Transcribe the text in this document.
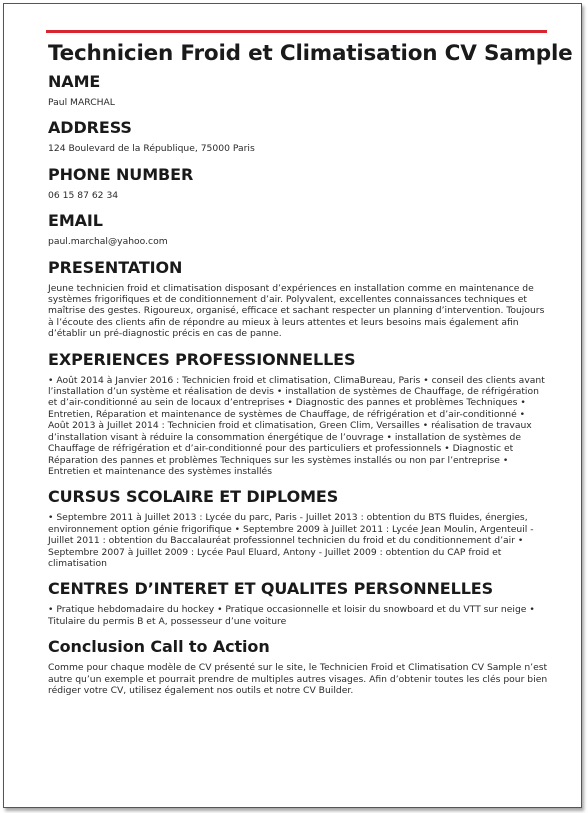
Technicien Froid et Climatisation CV Sample
NAME

Paul MARCHAL

ADDRESS

124 Boulevard de la République, 75000 Paris

PHONE NUMBER

06 15 87 62 34

EMAIL

paul.marchal@yahoo.com

PRESENTATION

Jeune technicien froid et climatisation disposant d’expériences en installation comme en maintenance de systèmes frigorifiques et de conditionnement d’air. Polyvalent, excellentes connaissances techniques et maîtrise des gestes. Rigoureux, organisé, efficace et sachant respecter un planning d’intervention. Toujours à l’écoute des clients afin de répondre au mieux à leurs attentes et leurs besoins mais également afin d’établir un pré-diagnostic précis en cas de panne.

EXPERIENCES PROFESSIONNELLES

• Août 2014 à Janvier 2016 : Technicien froid et climatisation, ClimaBureau, Paris • conseil des clients avant l’installation d’un système et réalisation de devis • installation de systèmes de Chauffage, de réfrigération et d’air-conditionné au sein de locaux d’entreprises • Diagnostic des pannes et problèmes Techniques • Entretien, Réparation et maintenance de systèmes de Chauffage, de réfrigération et d’air-conditionné • Août 2013 à Juillet 2014 : Technicien froid et climatisation, Green Clim, Versailles • réalisation de travaux d’installation visant à réduire la consommation énergétique de l’ouvrage • installation de systèmes de Chauffage de réfrigération et d’air-conditionné pour des particuliers et professionnels • Diagnostic et Réparation des pannes et problèmes Techniques sur les systèmes installés ou non par l’entreprise • Entretien et maintenance des systèmes installés

CURSUS SCOLAIRE ET DIPLOMES

• Septembre 2011 à Juillet 2013 : Lycée du parc, Paris - Juillet 2013 : obtention du BTS fluides, énergies, environnement option génie frigorifique • Septembre 2009 à Juillet 2011 : Lycée Jean Moulin, Argenteuil - Juillet 2011 : obtention du Baccalauréat professionnel technicien du froid et du conditionnement d’air • Septembre 2007 à Juillet 2009 : Lycée Paul Eluard, Antony - Juillet 2009 : obtention du CAP froid et climatisation

CENTRES D’INTERET ET QUALITES PERSONNELLES

• Pratique hebdomadaire du hockey • Pratique occasionnelle et loisir du snowboard et du VTT sur neige • Titulaire du permis B et A, possesseur d’une voiture

Conclusion Call to Action

Comme pour chaque modèle de CV présenté sur le site, le Technicien Froid et Climatisation CV Sample n’est autre qu’un exemple et pourrait prendre de multiples autres visages. Afin d’obtenir toutes les clés pour bien rédiger votre CV, utilisez également nos outils et notre CV Builder.
